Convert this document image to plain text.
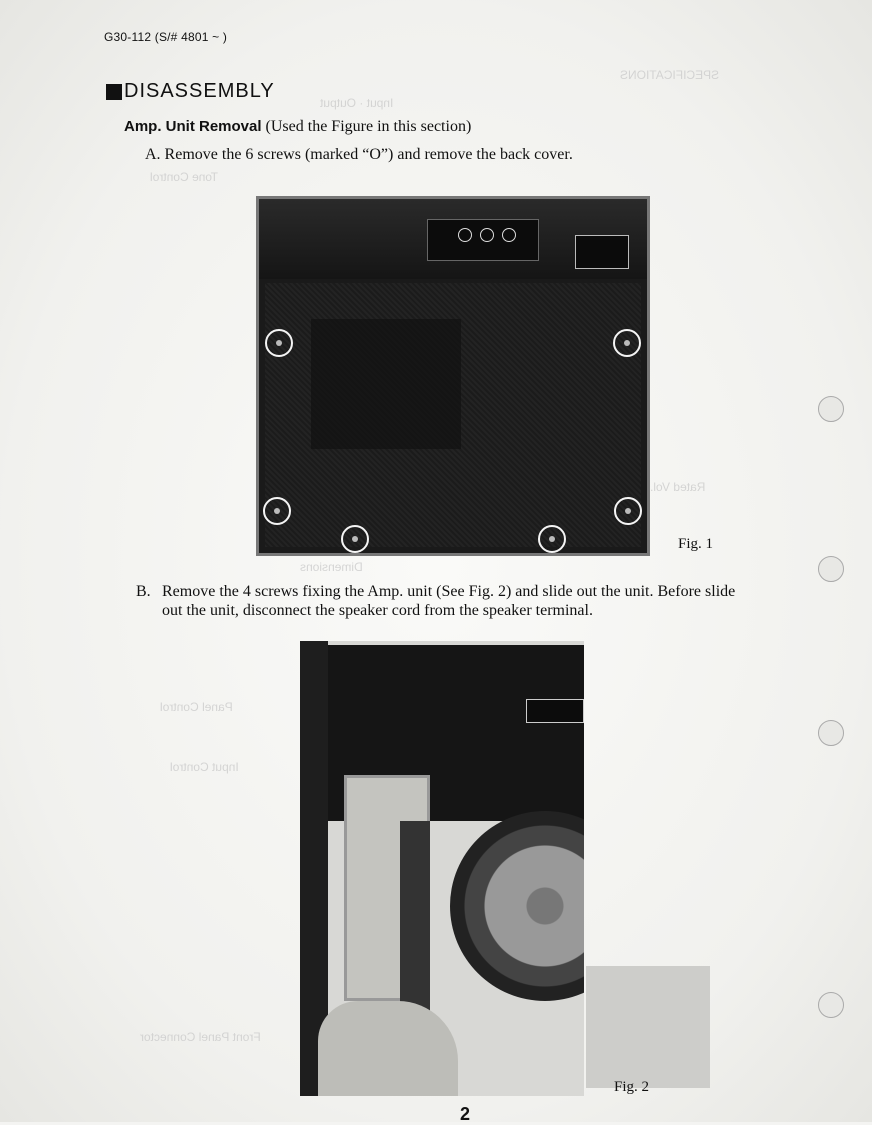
SPECIFICATIONS
Input · Output
Tone Control
Rated Vol.
Dimensions
Panel Control
Input Control
Front Panel Connector
G30-112 (S/# 4801 ~ )
DISASSEMBLY
Amp. Unit Removal (Used the Figure in this section)
A. Remove the 6 screws (marked “O”) and remove the back cover.
Fig. 1
B. Remove the 4 screws fixing the Amp. unit (See Fig. 2) and slide out the unit. Before slide
out the unit, disconnect the speaker cord from the speaker terminal.
Fig. 2
2
